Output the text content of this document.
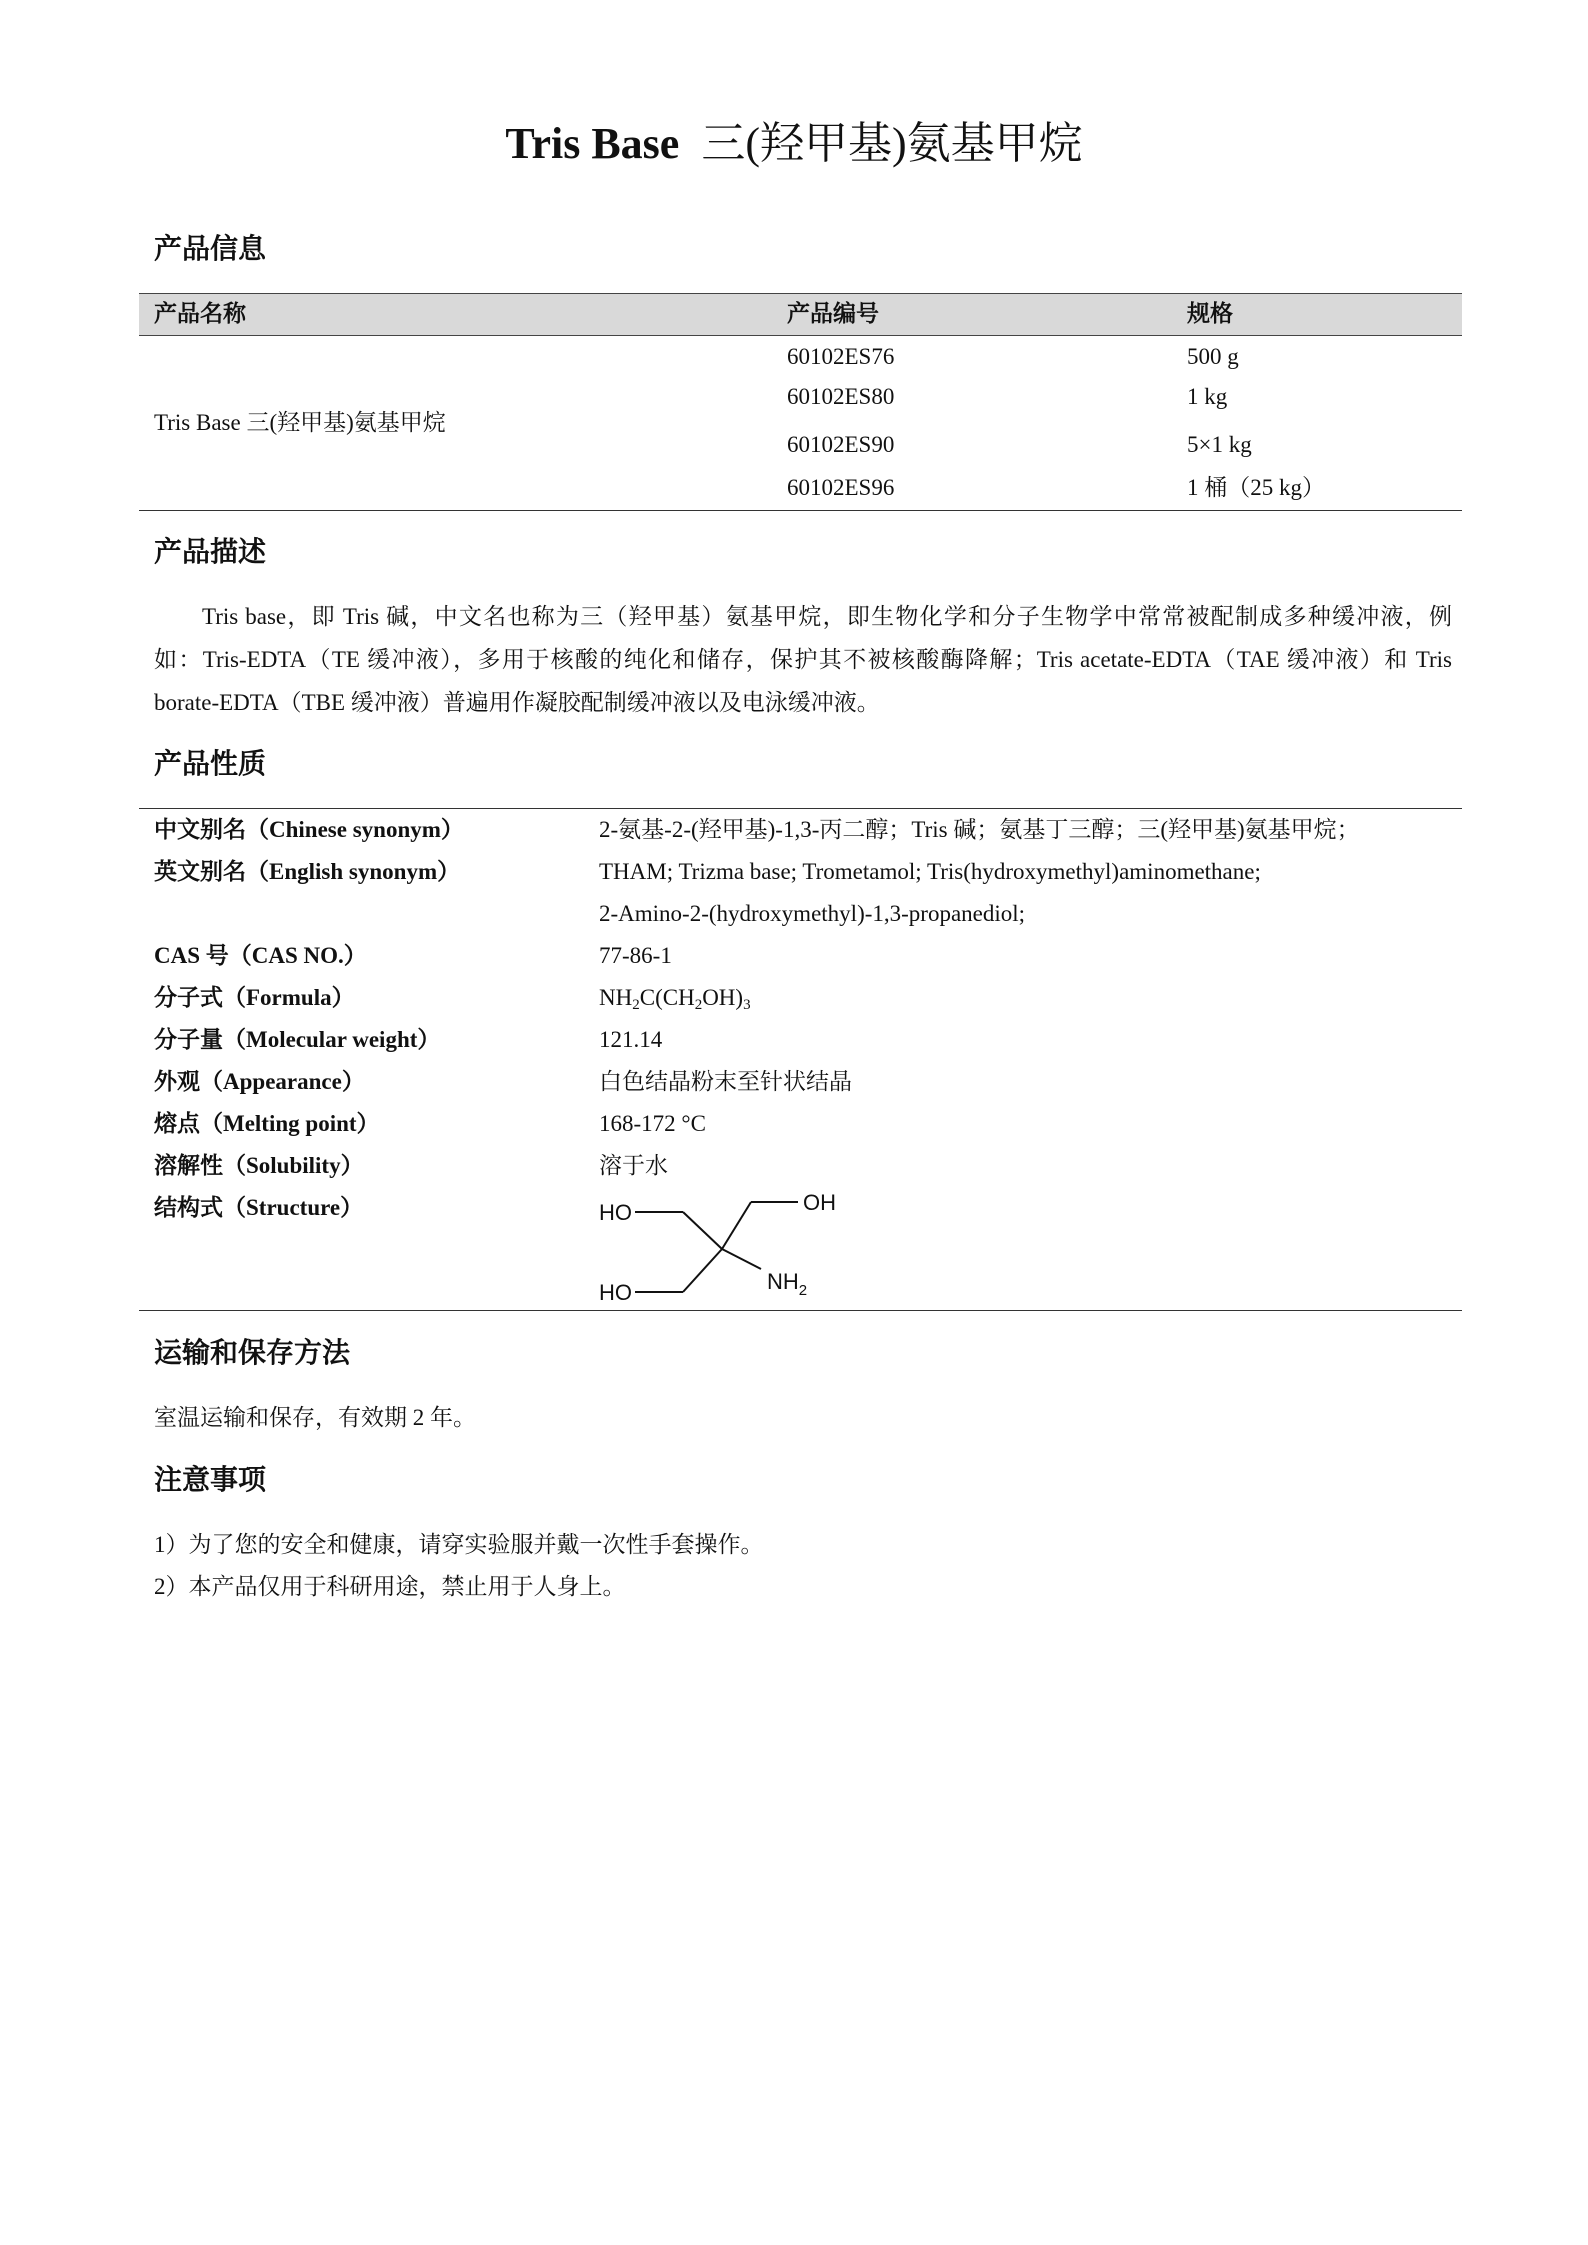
Tris Base 三(羟甲基)氨基甲烷
产品信息
产品名称	产品编号	规格
Tris Base 三(羟甲基)氨基甲烷
60102ES76	500 g
60102ES80	1 kg
60102ES90	5×1 kg
60102ES96	1 桶（25 kg）
产品描述
Tris base，即 Tris 碱，中文名也称为三（羟甲基）氨基甲烷，即生物化学和分子生物学中常常被配制成多种缓冲液，例
如：Tris-EDTA（TE 缓冲液），多用于核酸的纯化和储存，保护其不被核酸酶降解；Tris acetate-EDTA（TAE 缓冲液）和 Tris
borate-EDTA（TBE 缓冲液）普遍用作凝胶配制缓冲液以及电泳缓冲液。
产品性质
中文别名（Chinese synonym）	2-氨基-2-(羟甲基)-1,3-丙二醇；Tris 碱；氨基丁三醇；三(羟甲基)氨基甲烷；
英文别名（English synonym）	THAM; Trizma base; Trometamol; Tris(hydroxymethyl)aminomethane;
2-Amino-2-(hydroxymethyl)-1,3-propanediol;
CAS 号（CAS NO.）	77-86-1
分子式（Formula）	$NH_2C(CH_2OH)_3$
分子量（Molecular weight）	121.14
外观（Appearance）	白色结晶粉末至针状结晶
熔点（Melting point）	168-172 °C
溶解性（Solubility）	溶于水
结构式（Structure）	HO	OH
HO	$NH_2$
运输和保存方法
室温运输和保存，有效期 2 年。
注意事项
1）为了您的安全和健康，请穿实验服并戴一次性手套操作。
2）本产品仅用于科研用途，禁止用于人身上。
